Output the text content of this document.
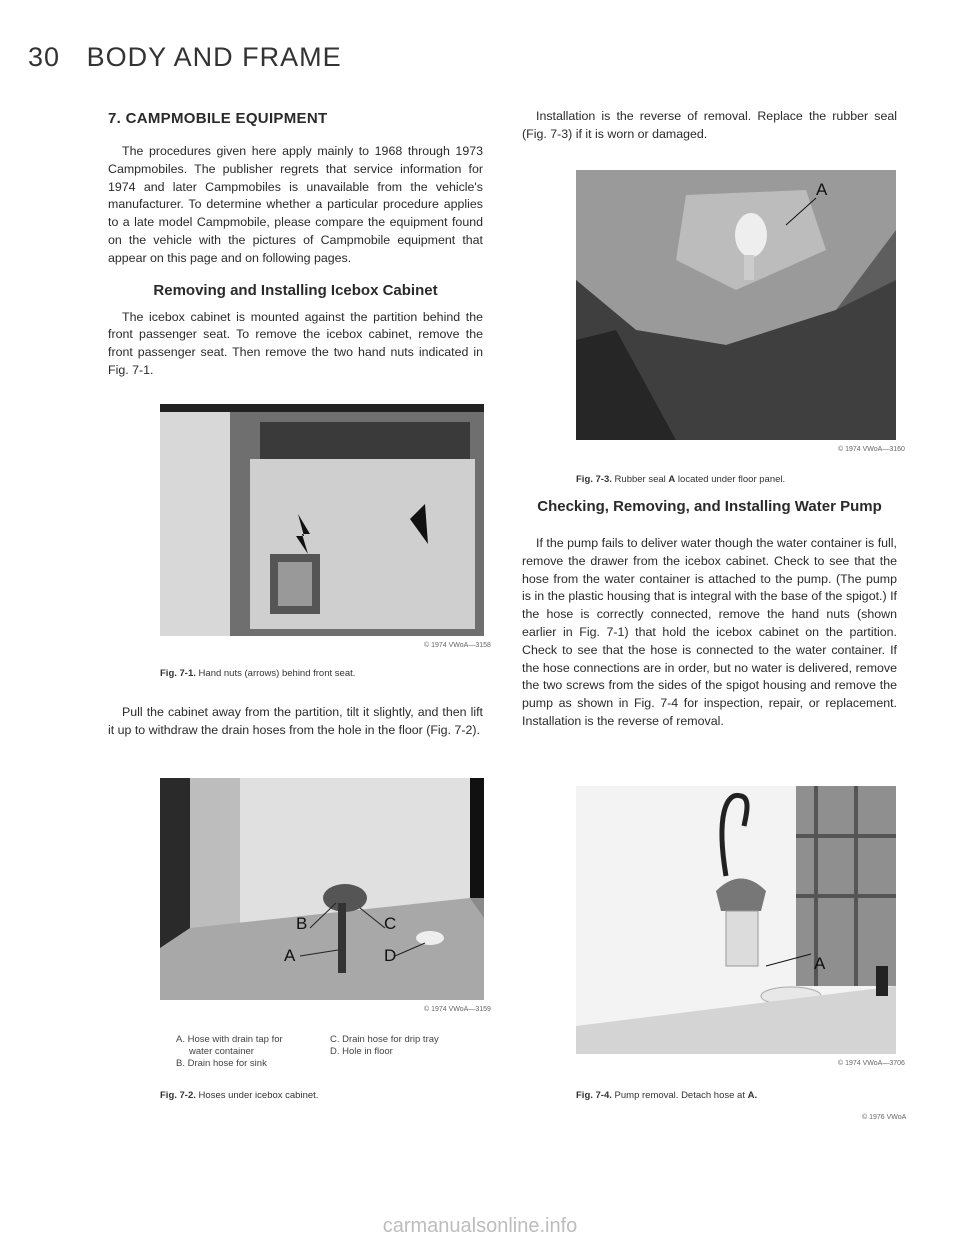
30 BODY AND FRAME
7. CAMPMOBILE EQUIPMENT

The procedures given here apply mainly to 1968 through 1973 Campmobiles. The publisher regrets that service information for 1974 and later Campmobiles is unavailable from the vehicle's manufacturer. To determine whether a particular procedure applies to a late model Campmobile, please compare the equipment found on the vehicle with the pictures of Campmobile equipment that appear on this page and on following pages.

Removing and Installing Icebox Cabinet

The icebox cabinet is mounted against the partition behind the front passenger seat. To remove the icebox cabinet, remove the front passenger seat. Then remove the two hand nuts indicated in Fig. 7-1.

© 1974 VWoA—3158
Fig. 7-1. Hand nuts (arrows) behind front seat.

Pull the cabinet away from the partition, tilt it slightly, and then lift it up to withdraw the drain hoses from the hole in the floor (Fig. 7-2).

B	C
A	D
© 1974 VWoA—3159
A. Hose with drain tap for
water container
B. Drain hose for sink
C. Drain hose for drip tray
D. Hole in floor
Fig. 7-2. Hoses under icebox cabinet.

Installation is the reverse of removal. Replace the rubber seal (Fig. 7-3) if it is worn or damaged.

A
© 1974 VWoA—3160
Fig. 7-3. Rubber seal A located under floor panel.
Checking, Removing, and Installing Water Pump

If the pump fails to deliver water though the water container is full, remove the drawer from the icebox cabinet. Check to see that the hose from the water container is attached to the pump. (The pump is in the plastic housing that is integral with the base of the spigot.) If the hose is correctly connected, remove the hand nuts (shown earlier in Fig. 7-1) that hold the icebox cabinet on the partition. Check to see that the hose is connected to the water container. If the hose connections are in order, but no water is delivered, remove the two screws from the sides of the spigot housing and remove the pump as shown in Fig. 7-4 for inspection, repair, or replacement. Installation is the reverse of removal.

A
© 1974 VWoA—3706
Fig. 7-4. Pump removal. Detach hose at A.
© 1976 VWoA
carmanualsonline.info
